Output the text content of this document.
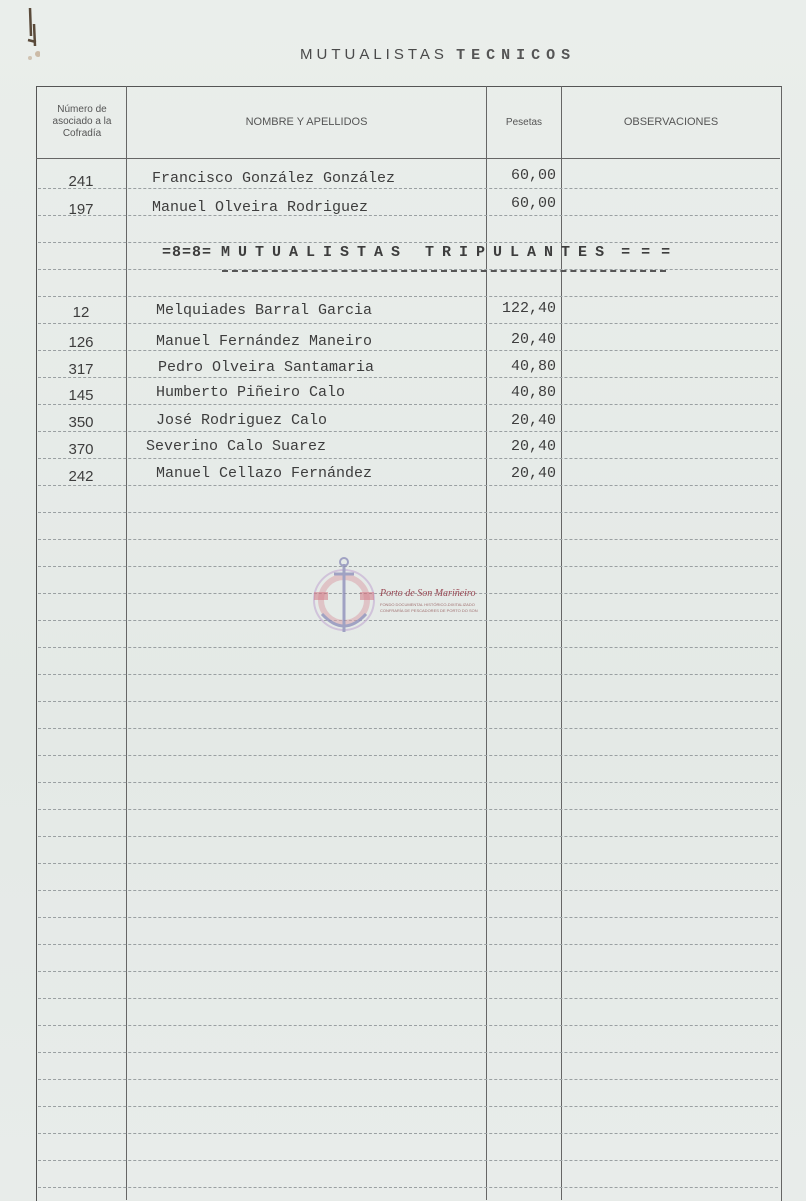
MUTUALISTAS TECNICOS
Número de asociado a la Cofradía
NOMBRE Y APELLIDOS	Pesetas	OBSERVACIONES
241	Francisco González González	60,00
197	Manuel Olveira Rodriguez	60,00
=8=8= MUTUALISTAS TRIPULANTES = = =
12	Melquiades Barral Garcia	122,40
126	Manuel Fernández Maneiro	20,40
317	Pedro Olveira Santamaria	40,80
145	Humberto Piñeiro Calo	40,80
350	José Rodriguez Calo	20,40
370	Severino Calo Suarez	20,40
242	Manuel Cellazo Fernández	20,40
Porto de Son Mariñeiro
FONDO DOCUMENTAL HISTÓRICO-DIXITALIZADO
CONFRARÍA DE PESCADORES DE PORTO DO SON
